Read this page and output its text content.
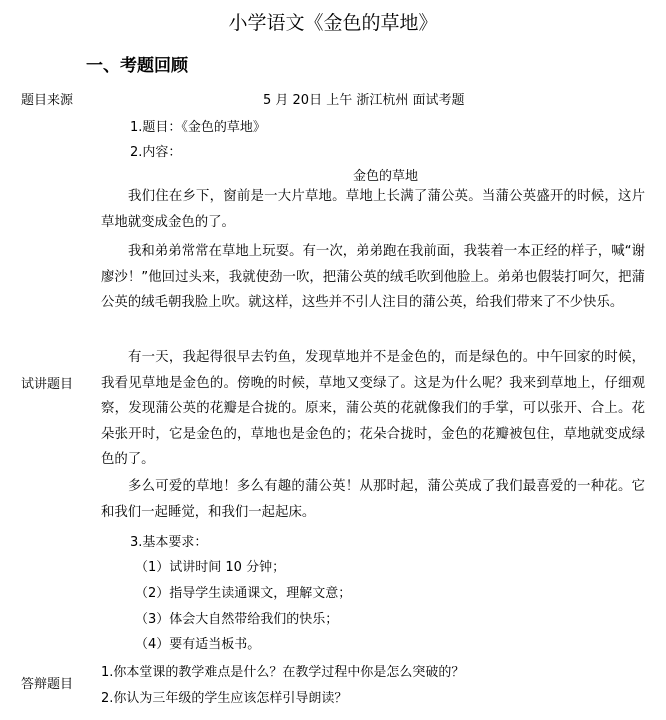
小学语文《金色的草地》
一、考题回顾
题目来源	5 月 20日 上午 浙江杭州 面试考题
1.题目：《金色的草地》
2.内容：
金色的草地
我们住在乡下，窗前是一大片草地。草地上长满了蒲公英。当蒲公英盛开的时候，这片草地就变成金色的了。
我和弟弟常常在草地上玩耍。有一次，弟弟跑在我前面，我装着一本正经的样子，喊“谢廖沙！”他回过头来，我就使劲一吹，把蒲公英的绒毛吹到他脸上。弟弟也假装打呵欠，把蒲公英的绒毛朝我脸上吹。就这样，这些并不引人注目的蒲公英，给我们带来了不少快乐。
有一天，我起得很早去钓鱼，发现草地并不是金色的，而是绿色的。中午回家的时候，我看见草地是金色的。傍晚的时候，草地又变绿了。这是为什么呢？我来到草地上，仔细观察，发现蒲公英的花瓣是合拢的。原来，蒲公英的花就像我们的手掌，可以张开、合上。花朵张开时，它是金色的，草地也是金色的；花朵合拢时，金色的花瓣被包住，草地就变成绿色的了。
多么可爱的草地！多么有趣的蒲公英！从那时起，蒲公英成了我们最喜爱的一种花。它和我们一起睡觉，和我们一起起床。
试讲题目
3.基本要求：
（1）试讲时间 10 分钟；
（2）指导学生读通课文，理解文意；
（3）体会大自然带给我们的快乐；
（4）要有适当板书。
答辩题目
1.你本堂课的教学难点是什么？在教学过程中你是怎么突破的？
2.你认为三年级的学生应该怎样引导朗读？
